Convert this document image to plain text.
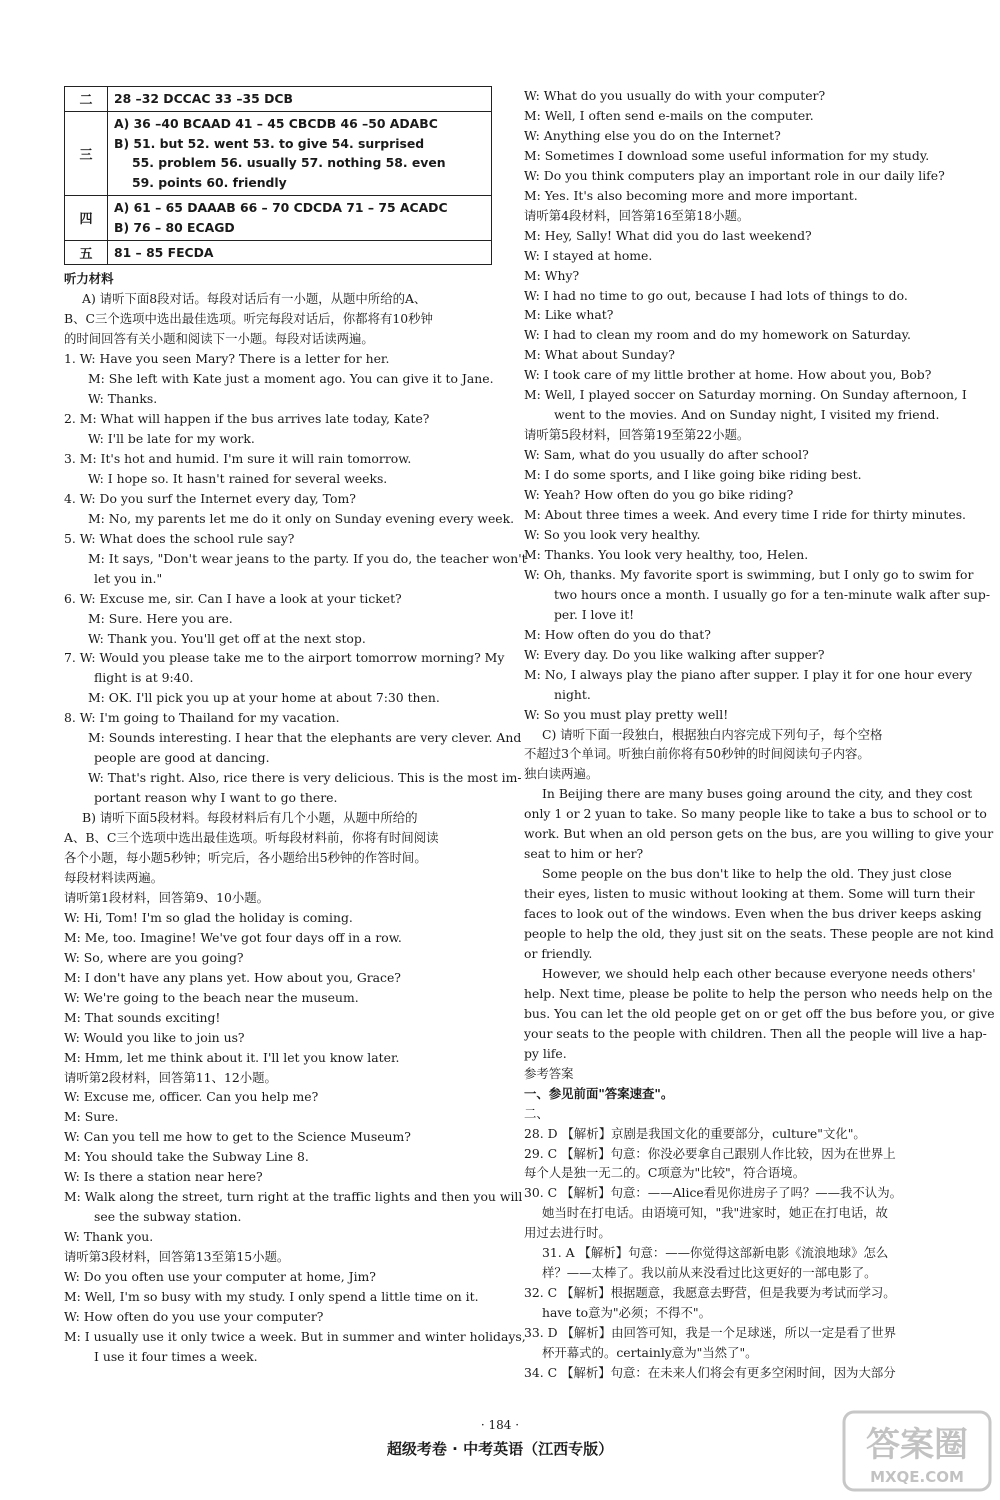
二	28 –32 DCCAC 33 –35 DCB

三	A) 36 –40 BCAAD 41 – 45 CBCDB 46 –50 ADABC
B) 51. but 52. went 53. to give 54. surprised
55. problem 56. usually 57. nothing 58. even
59. points 60. friendly

四	A) 61 – 65 DAAAB 66 – 70 CDCDA 71 – 75 ACADC
B) 76 – 80 ECAGD

五	81 – 85 FECDA
听力材料
A) 请听下面8段对话。每段对话后有一小题，从题中所给的A、
B、C三个选项中选出最佳选项。听完每段对话后，你都将有10秒钟
的时间回答有关小题和阅读下一小题。每段对话读两遍。
1. W: Have you seen Mary? There is a letter for her.
M: She left with Kate just a moment ago. You can give it to Jane.
W: Thanks.
2. M: What will happen if the bus arrives late today, Kate?
W: I'll be late for my work.
3. M: It's hot and humid. I'm sure it will rain tomorrow.
W: I hope so. It hasn't rained for several weeks.
4. W: Do you surf the Internet every day, Tom?
M: No, my parents let me do it only on Sunday evening every week.
5. W: What does the school rule say?
M: It says, "Don't wear jeans to the party. If you do, the teacher won't
let you in."
6. W: Excuse me, sir. Can I have a look at your ticket?
M: Sure. Here you are.
W: Thank you. You'll get off at the next stop.
7. W: Would you please take me to the airport tomorrow morning? My
flight is at 9:40.
M: OK. I'll pick you up at your home at about 7:30 then.
8. W: I'm going to Thailand for my vacation.
M: Sounds interesting. I hear that the elephants are very clever. And
people are good at dancing.
W: That's right. Also, rice there is very delicious. This is the most im-
portant reason why I want to go there.
B) 请听下面5段材料。每段材料后有几个小题，从题中所给的
A、B、C三个选项中选出最佳选项。听每段材料前，你将有时间阅读
各个小题，每小题5秒钟；听完后，各小题给出5秒钟的作答时间。
每段材料读两遍。
请听第1段材料，回答第9、10小题。
W: Hi, Tom! I'm so glad the holiday is coming.
M: Me, too. Imagine! We've got four days off in a row.
W: So, where are you going?
M: I don't have any plans yet. How about you, Grace?
W: We're going to the beach near the museum.
M: That sounds exciting!
W: Would you like to join us?
M: Hmm, let me think about it. I'll let you know later.
请听第2段材料，回答第11、12小题。
W: Excuse me, officer. Can you help me?
M: Sure.
W: Can you tell me how to get to the Science Museum?
M: You should take the Subway Line 8.
W: Is there a station near here?
M: Walk along the street, turn right at the traffic lights and then you will
see the subway station.
W: Thank you.
请听第3段材料，回答第13至第15小题。
W: Do you often use your computer at home, Jim?
M: Well, I'm so busy with my study. I only spend a little time on it.
W: How often do you use your computer?
M: I usually use it only twice a week. But in summer and winter holidays,
I use it four times a week.
W: What do you usually do with your computer?
M: Well, I often send e-mails on the computer.
W: Anything else you do on the Internet?
M: Sometimes I download some useful information for my study.
W: Do you think computers play an important role in our daily life?
M: Yes. It's also becoming more and more important.
请听第4段材料，回答第16至第18小题。
M: Hey, Sally! What did you do last weekend?
W: I stayed at home.
M: Why?
W: I had no time to go out, because I had lots of things to do.
M: Like what?
W: I had to clean my room and do my homework on Saturday.
M: What about Sunday?
W: I took care of my little brother at home. How about you, Bob?
M: Well, I played soccer on Saturday morning. On Sunday afternoon, I
went to the movies. And on Sunday night, I visited my friend.
请听第5段材料，回答第19至第22小题。
W: Sam, what do you usually do after school?
M: I do some sports, and I like going bike riding best.
W: Yeah? How often do you go bike riding?
M: About three times a week. And every time I ride for thirty minutes.
W: So you look very healthy.
M: Thanks. You look very healthy, too, Helen.
W: Oh, thanks. My favorite sport is swimming, but I only go to swim for
two hours once a month. I usually go for a ten-minute walk after sup-
per. I love it!
M: How often do you do that?
W: Every day. Do you like walking after supper?
M: No, I always play the piano after supper. I play it for one hour every
night.
W: So you must play pretty well!
C) 请听下面一段独白，根据独白内容完成下列句子，每个空格
不超过3个单词。听独白前你将有50秒钟的时间阅读句子内容。
独白读两遍。
In Beijing there are many buses going around the city, and they cost
only 1 or 2 yuan to take. So many people like to take a bus to school or to
work. But when an old person gets on the bus, are you willing to give your
seat to him or her?
Some people on the bus don't like to help the old. They just close
their eyes, listen to music without looking at them. Some will turn their
faces to look out of the windows. Even when the bus driver keeps asking
people to help the old, they just sit on the seats. These people are not kind
or friendly.
However, we should help each other because everyone needs others'
help. Next time, please be polite to help the person who needs help on the
bus. You can let the old people get on or get off the bus before you, or give
your seats to the people with children. Then all the people will live a hap-
py life.
参考答案
一、参见前面"答案速查"。
二、
28. D 【解析】京剧是我国文化的重要部分，culture"文化"。
29. C 【解析】句意：你没必要拿自己跟别人作比较，因为在世界上
每个人是独一无二的。C项意为"比较"，符合语境。
30. C 【解析】句意：——Alice看见你进房子了吗？——我不认为。
她当时在打电话。由语境可知，"我"进家时，她正在打电话，故
用过去进行时。
31. A 【解析】句意：——你觉得这部新电影《流浪地球》怎么
样？——太棒了。我以前从来没看过比这更好的一部电影了。
32. C 【解析】根据题意，我愿意去野营，但是我要为考试而学习。
have to意为"必须；不得不"。
33. D 【解析】由回答可知，我是一个足球迷，所以一定是看了世界
杯开幕式的。certainly意为"当然了"。
34. C 【解析】句意：在未来人们将会有更多空闲时间，因为大部分
· 184 ·
超级考卷 · 中考英语（江西专版）	答案圈
MXQE.COM
